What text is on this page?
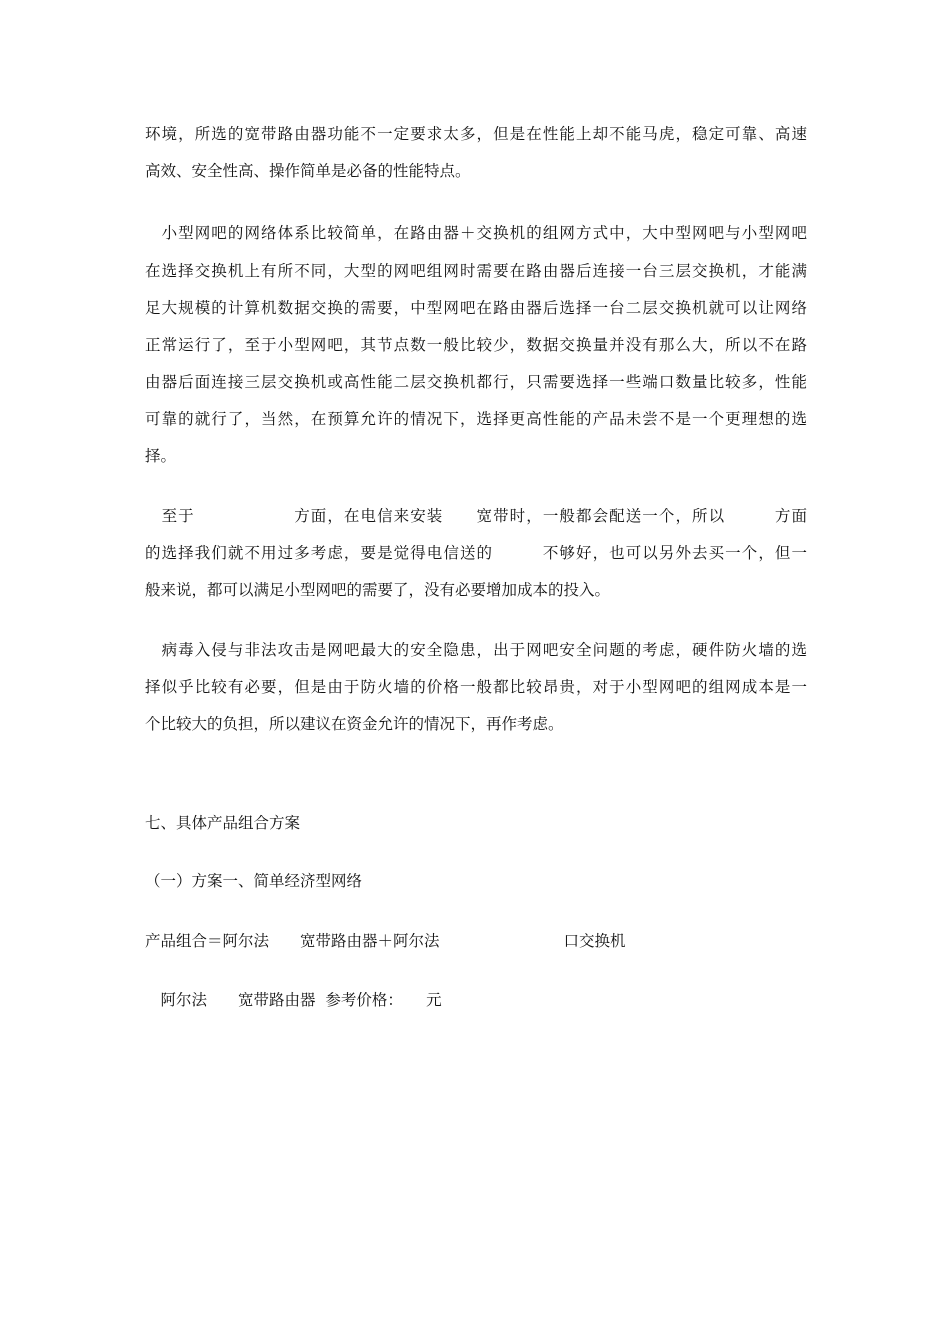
环境，所选的宽带路由器功能不一定要求太多，但是在性能上却不能马虎，稳定可靠、高速
高效、安全性高、操作简单是必备的性能特点。
　小型网吧的网络体系比较简单，在路由器＋交换机的组网方式中，大中型网吧与小型网吧
在选择交换机上有所不同，大型的网吧组网时需要在路由器后连接一台三层交换机，才能满
足大规模的计算机数据交换的需要，中型网吧在路由器后选择一台二层交换机就可以让网络
正常运行了，至于小型网吧，其节点数一般比较少，数据交换量并没有那么大，所以不在路
由器后面连接三层交换机或高性能二层交换机都行，只需要选择一些端口数量比较多，性能
可靠的就行了，当然，在预算允许的情况下，选择更高性能的产品未尝不是一个更理想的选
择。
　至于　　　　　　方面，在电信来安装　　宽带时，一般都会配送一个，所以　　　方面
的选择我们就不用过多考虑，要是觉得电信送的　　　不够好，也可以另外去买一个，但一
般来说，都可以满足小型网吧的需要了，没有必要增加成本的投入。
　病毒入侵与非法攻击是网吧最大的安全隐患，出于网吧安全问题的考虑，硬件防火墙的选
择似乎比较有必要，但是由于防火墙的价格一般都比较昂贵，对于小型网吧的组网成本是一
个比较大的负担，所以建议在资金允许的情况下，再作考虑。
七、具体产品组合方案
（一）方案一、简单经济型网络
产品组合＝阿尔法　　宽带路由器＋阿尔法　　　　　　　　口交换机
　阿尔法　　宽带路由器  参考价格：　　元
